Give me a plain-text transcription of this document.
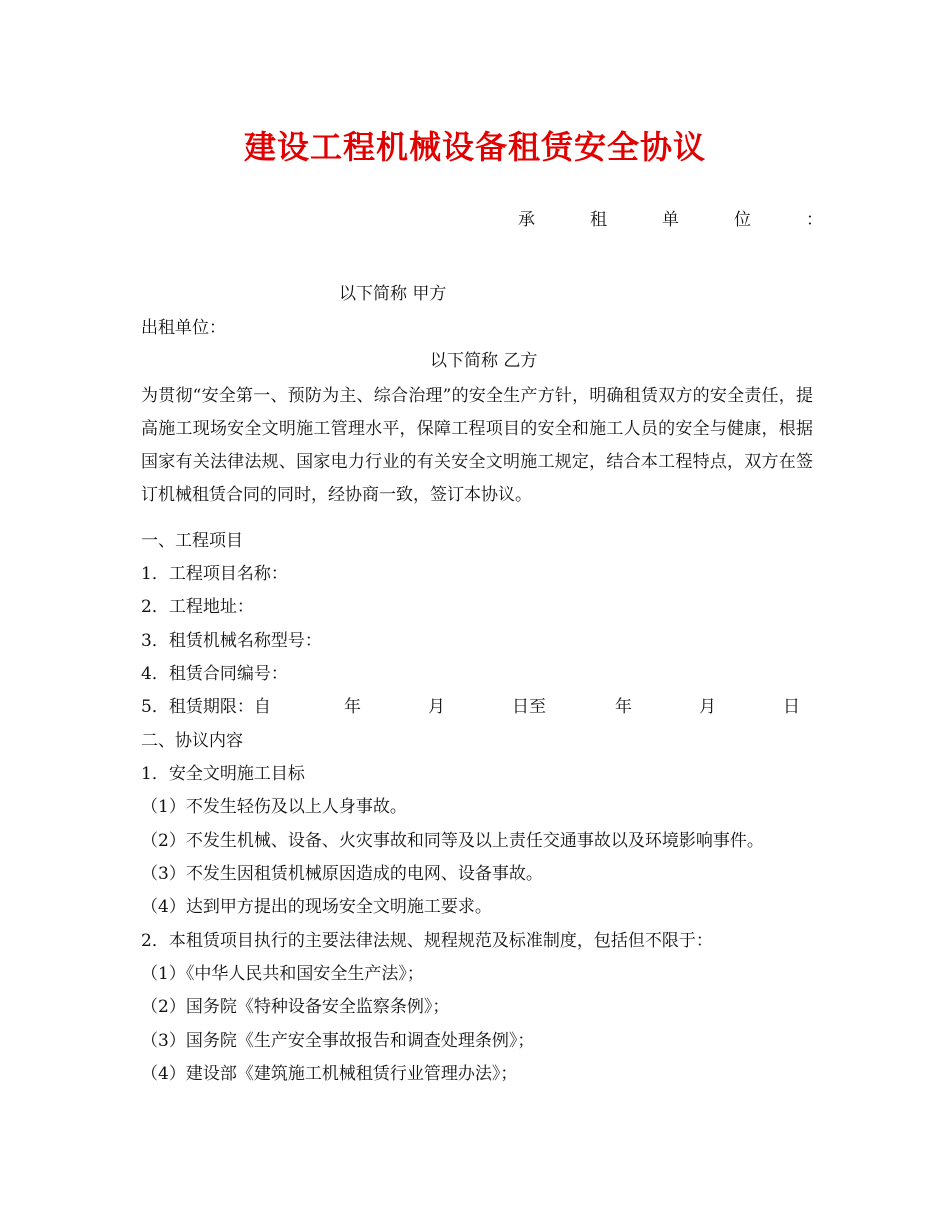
建设工程机械设备租赁安全协议
承	租	单	位	：
以下简称 甲方
出租单位：
以下简称 乙方

为贯彻“安全第一、预防为主、综合治理”的安全生产方针，明确租赁双方的安全责任，提高施工现场安全文明施工管理水平，保障工程项目的安全和施工人员的安全与健康，根据国家有关法律法规、国家电力行业的有关安全文明施工规定，结合本工程特点，双方在签订机械租赁合同的同时，经协商一致，签订本协议。

一、工程项目
1．工程项目名称：
2．工程地址：
3．租赁机械名称型号：
4．租赁合同编号：
5．租赁期限：自	年	月	日至	年	月	日
二、协议内容
1．安全文明施工目标
（1）不发生轻伤及以上人身事故。
（2）不发生机械、设备、火灾事故和同等及以上责任交通事故以及环境影响事件。
（3）不发生因租赁机械原因造成的电网、设备事故。
（4）达到甲方提出的现场安全文明施工要求。
2．本租赁项目执行的主要法律法规、规程规范及标准制度，包括但不限于：
（1）《中华人民共和国安全生产法》；
（2）国务院《特种设备安全监察条例》；
（3）国务院《生产安全事故报告和调查处理条例》；
（4）建设部《建筑施工机械租赁行业管理办法》；
